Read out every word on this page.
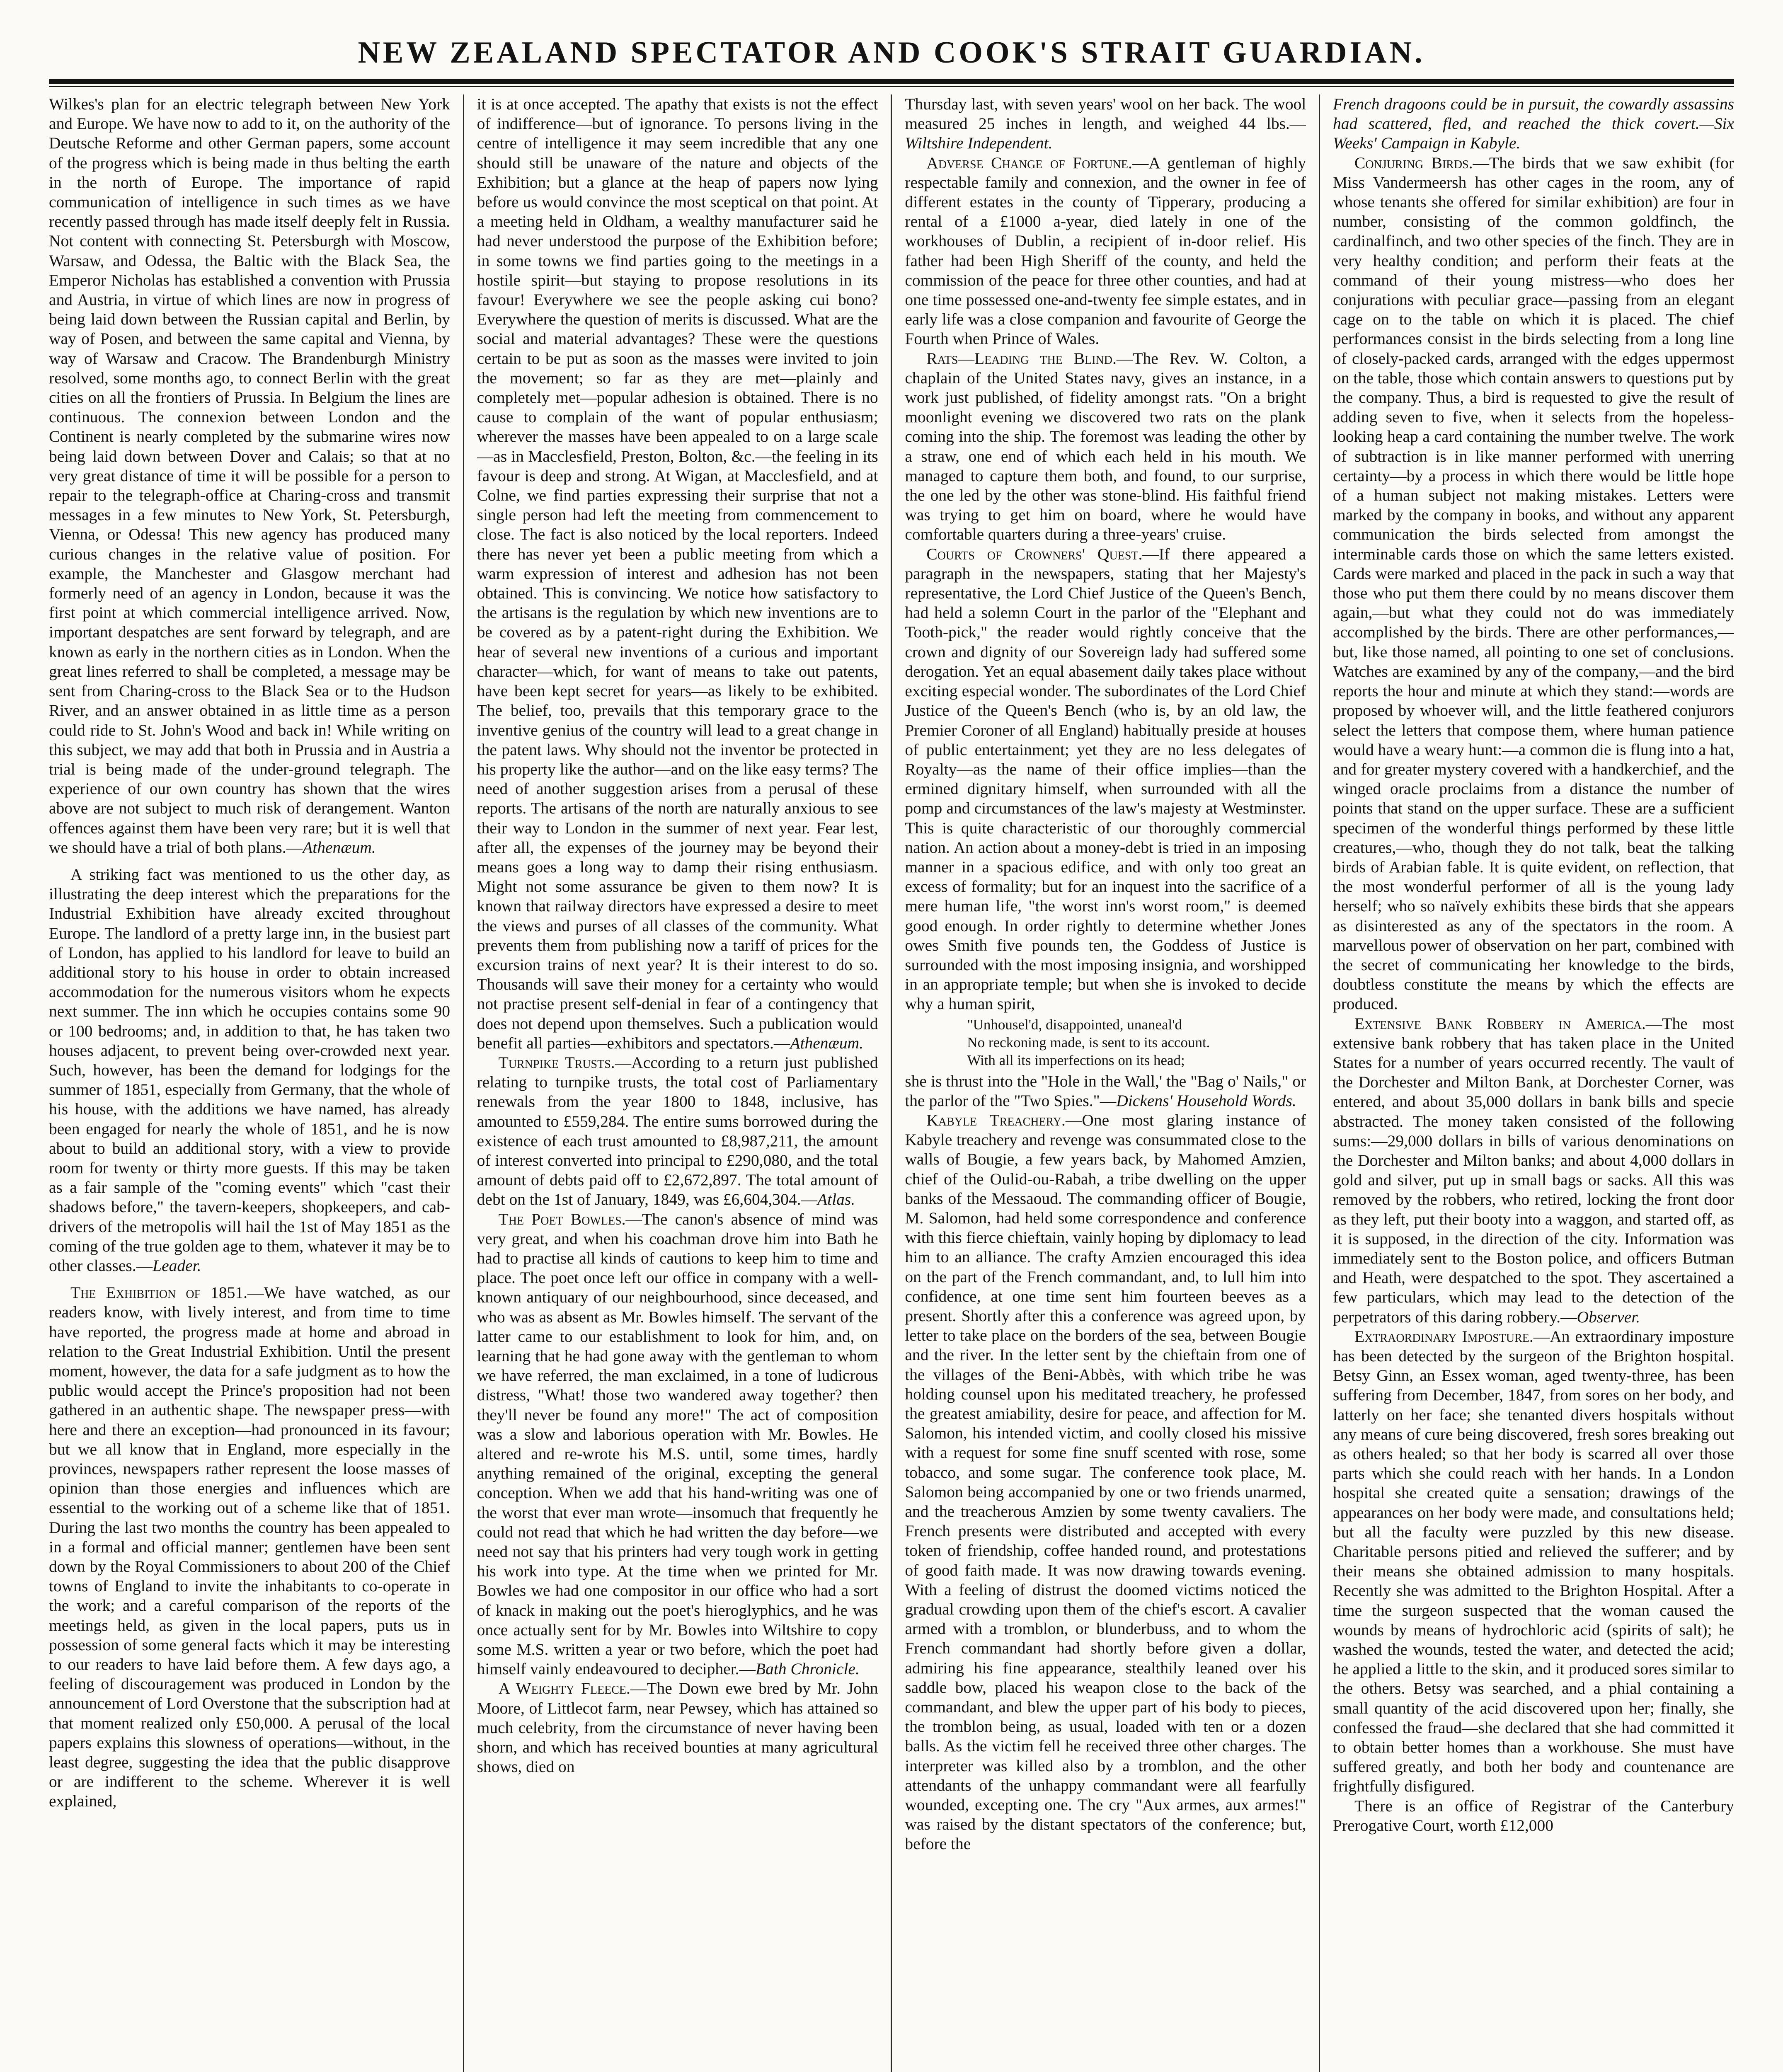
NEW ZEALAND SPECTATOR AND COOK'S STRAIT GUARDIAN.

Wilkes's plan for an electric telegraph between New York and Europe. We have now to add to it, on the authority of the Deutsche Reforme and other German papers, some account of the progress which is being made in thus belting the earth in the north of Europe. The importance of rapid communication of intelligence in such times as we have recently passed through has made itself deeply felt in Russia. Not content with connecting St. Petersburgh with Moscow, Warsaw, and Odessa, the Baltic with the Black Sea, the Emperor Nicholas has established a convention with Prussia and Austria, in virtue of which lines are now in progress of being laid down between the Russian capital and Berlin, by way of Posen, and between the same capital and Vienna, by way of Warsaw and Cracow. The Brandenburgh Ministry resolved, some months ago, to connect Berlin with the great cities on all the frontiers of Prussia. In Belgium the lines are continuous. The connexion between London and the Continent is nearly completed by the submarine wires now being laid down between Dover and Calais; so that at no very great distance of time it will be possible for a person to repair to the telegraph-office at Charing-cross and transmit messages in a few minutes to New York, St. Petersburgh, Vienna, or Odessa! This new agency has produced many curious changes in the relative value of position. For example, the Manchester and Glasgow merchant had formerly need of an agency in London, because it was the first point at which commercial intelligence arrived. Now, important despatches are sent forward by telegraph, and are known as early in the northern cities as in London. When the great lines referred to shall be completed, a message may be sent from Charing-cross to the Black Sea or to the Hudson River, and an answer obtained in as little time as a person could ride to St. John's Wood and back in! While writing on this subject, we may add that both in Prussia and in Austria a trial is being made of the under-ground telegraph. The experience of our own country has shown that the wires above are not subject to much risk of derangement. Wanton offences against them have been very rare; but it is well that we should have a trial of both plans.—Athenæum.

A striking fact was mentioned to us the other day, as illustrating the deep interest which the preparations for the Industrial Exhibition have already excited throughout Europe. The landlord of a pretty large inn, in the busiest part of London, has applied to his landlord for leave to build an additional story to his house in order to obtain increased accommodation for the numerous visitors whom he expects next summer. The inn which he occupies contains some 90 or 100 bedrooms; and, in addition to that, he has taken two houses adjacent, to prevent being over-crowded next year. Such, however, has been the demand for lodgings for the summer of 1851, especially from Germany, that the whole of his house, with the additions we have named, has already been engaged for nearly the whole of 1851, and he is now about to build an additional story, with a view to provide room for twenty or thirty more guests. If this may be taken as a fair sample of the "coming events" which "cast their shadows before," the tavern-keepers, shopkeepers, and cab-drivers of the metropolis will hail the 1st of May 1851 as the coming of the true golden age to them, whatever it may be to other classes.—Leader.

The Exhibition of 1851.—We have watched, as our readers know, with lively interest, and from time to time have reported, the progress made at home and abroad in relation to the Great Industrial Exhibition. Until the present moment, however, the data for a safe judgment as to how the public would accept the Prince's proposition had not been gathered in an authentic shape. The newspaper press—with here and there an exception—had pronounced in its favour; but we all know that in England, more especially in the provinces, newspapers rather represent the loose masses of opinion than those energies and influences which are essential to the working out of a scheme like that of 1851. During the last two months the country has been appealed to in a formal and official manner; gentlemen have been sent down by the Royal Commissioners to about 200 of the Chief towns of England to invite the inhabitants to co-operate in the work; and a careful comparison of the reports of the meetings held, as given in the local papers, puts us in possession of some general facts which it may be interesting to our readers to have laid before them. A few days ago, a feeling of discouragement was produced in London by the announcement of Lord Overstone that the subscription had at that moment realized only £50,000. A perusal of the local papers explains this slowness of operations—without, in the least degree, suggesting the idea that the public disapprove or are indifferent to the scheme. Wherever it is well explained,

it is at once accepted. The apathy that exists is not the effect of indifference—but of ignorance. To persons living in the centre of intelligence it may seem incredible that any one should still be unaware of the nature and objects of the Exhibition; but a glance at the heap of papers now lying before us would convince the most sceptical on that point. At a meeting held in Oldham, a wealthy manufacturer said he had never understood the purpose of the Exhibition before; in some towns we find parties going to the meetings in a hostile spirit—but staying to propose resolutions in its favour! Everywhere we see the people asking cui bono? Everywhere the question of merits is discussed. What are the social and material advantages? These were the questions certain to be put as soon as the masses were invited to join the movement; so far as they are met—plainly and completely met—popular adhesion is obtained. There is no cause to complain of the want of popular enthusiasm; wherever the masses have been appealed to on a large scale—as in Macclesfield, Preston, Bolton, &c.—the feeling in its favour is deep and strong. At Wigan, at Macclesfield, and at Colne, we find parties expressing their surprise that not a single person had left the meeting from commencement to close. The fact is also noticed by the local reporters. Indeed there has never yet been a public meeting from which a warm expression of interest and adhesion has not been obtained. This is convincing. We notice how satisfactory to the artisans is the regulation by which new inventions are to be covered as by a patent-right during the Exhibition. We hear of several new inventions of a curious and important character—which, for want of means to take out patents, have been kept secret for years—as likely to be exhibited. The belief, too, prevails that this temporary grace to the inventive genius of the country will lead to a great change in the patent laws. Why should not the inventor be protected in his property like the author—and on the like easy terms? The need of another suggestion arises from a perusal of these reports. The artisans of the north are naturally anxious to see their way to London in the summer of next year. Fear lest, after all, the expenses of the journey may be beyond their means goes a long way to damp their rising enthusiasm. Might not some assurance be given to them now? It is known that railway directors have expressed a desire to meet the views and purses of all classes of the community. What prevents them from publishing now a tariff of prices for the excursion trains of next year? It is their interest to do so. Thousands will save their money for a certainty who would not practise present self-denial in fear of a contingency that does not depend upon themselves. Such a publication would benefit all parties—exhibitors and spectators.—Athenæum.

Turnpike Trusts.—According to a return just published relating to turnpike trusts, the total cost of Parliamentary renewals from the year 1800 to 1848, inclusive, has amounted to £559,284. The entire sums borrowed during the existence of each trust amounted to £8,987,211, the amount of interest converted into principal to £290,080, and the total amount of debts paid off to £2,672,897. The total amount of debt on the 1st of January, 1849, was £6,604,304.—Atlas.

The Poet Bowles.—The canon's absence of mind was very great, and when his coachman drove him into Bath he had to practise all kinds of cautions to keep him to time and place. The poet once left our office in company with a well-known antiquary of our neighbourhood, since deceased, and who was as absent as Mr. Bowles himself. The servant of the latter came to our establishment to look for him, and, on learning that he had gone away with the gentleman to whom we have referred, the man exclaimed, in a tone of ludicrous distress, "What! those two wandered away together? then they'll never be found any more!" The act of composition was a slow and laborious operation with Mr. Bowles. He altered and re-wrote his M.S. until, some times, hardly anything remained of the original, excepting the general conception. When we add that his hand-writing was one of the worst that ever man wrote—insomuch that frequently he could not read that which he had written the day before—we need not say that his printers had very tough work in getting his work into type. At the time when we printed for Mr. Bowles we had one compositor in our office who had a sort of knack in making out the poet's hieroglyphics, and he was once actually sent for by Mr. Bowles into Wiltshire to copy some M.S. written a year or two before, which the poet had himself vainly endeavoured to decipher.—Bath Chronicle.

A Weighty Fleece.—The Down ewe bred by Mr. John Moore, of Littlecot farm, near Pewsey, which has attained so much celebrity, from the circumstance of never having been shorn, and which has received bounties at many agricultural shows, died on

Thursday last, with seven years' wool on her back. The wool measured 25 inches in length, and weighed 44 lbs.—Wiltshire Independent.

Adverse Change of Fortune.—A gentleman of highly respectable family and connexion, and the owner in fee of different estates in the county of Tipperary, producing a rental of a £1000 a-year, died lately in one of the workhouses of Dublin, a recipient of in-door relief. His father had been High Sheriff of the county, and held the commission of the peace for three other counties, and had at one time possessed one-and-twenty fee simple estates, and in early life was a close companion and favourite of George the Fourth when Prince of Wales.

Rats—Leading the Blind.—The Rev. W. Colton, a chaplain of the United States navy, gives an instance, in a work just published, of fidelity amongst rats. "On a bright moonlight evening we discovered two rats on the plank coming into the ship. The foremost was leading the other by a straw, one end of which each held in his mouth. We managed to capture them both, and found, to our surprise, the one led by the other was stone-blind. His faithful friend was trying to get him on board, where he would have comfortable quarters during a three-years' cruise.

Courts of Crowners' Quest.—If there appeared a paragraph in the newspapers, stating that her Majesty's representative, the Lord Chief Justice of the Queen's Bench, had held a solemn Court in the parlor of the "Elephant and Tooth-pick," the reader would rightly conceive that the crown and dignity of our Sovereign lady had suffered some derogation. Yet an equal abasement daily takes place without exciting especial wonder. The subordinates of the Lord Chief Justice of the Queen's Bench (who is, by an old law, the Premier Coroner of all England) habitually preside at houses of public entertainment; yet they are no less delegates of Royalty—as the name of their office implies—than the ermined dignitary himself, when surrounded with all the pomp and circumstances of the law's majesty at Westminster. This is quite characteristic of our thoroughly commercial nation. An action about a money-debt is tried in an imposing manner in a spacious edifice, and with only too great an excess of formality; but for an inquest into the sacrifice of a mere human life, "the worst inn's worst room," is deemed good enough. In order rightly to determine whether Jones owes Smith five pounds ten, the Goddess of Justice is surrounded with the most imposing insignia, and worshipped in an appropriate temple; but when she is invoked to decide why a human spirit,

"Unhousel'd, disappointed, unaneal'd
No reckoning made, is sent to its account.
With all its imperfections on its head;

she is thrust into the "Hole in the Wall,' the "Bag o' Nails," or the parlor of the "Two Spies."—Dickens' Household Words.

Kabyle Treachery.—One most glaring instance of Kabyle treachery and revenge was consummated close to the walls of Bougie, a few years back, by Mahomed Amzien, chief of the Oulid-ou-Rabah, a tribe dwelling on the upper banks of the Messaoud. The commanding officer of Bougie, M. Salomon, had held some correspondence and conference with this fierce chieftain, vainly hoping by diplomacy to lead him to an alliance. The crafty Amzien encouraged this idea on the part of the French commandant, and, to lull him into confidence, at one time sent him fourteen beeves as a present. Shortly after this a conference was agreed upon, by letter to take place on the borders of the sea, between Bougie and the river. In the letter sent by the chieftain from one of the villages of the Beni-Abbès, with which tribe he was holding counsel upon his meditated treachery, he professed the greatest amiability, desire for peace, and affection for M. Salomon, his intended victim, and coolly closed his missive with a request for some fine snuff scented with rose, some tobacco, and some sugar. The conference took place, M. Salomon being accompanied by one or two friends unarmed, and the treacherous Amzien by some twenty cavaliers. The French presents were distributed and accepted with every token of friendship, coffee handed round, and protestations of good faith made. It was now drawing towards evening. With a feeling of distrust the doomed victims noticed the gradual crowding upon them of the chief's escort. A cavalier armed with a tromblon, or blunderbuss, and to whom the French commandant had shortly before given a dollar, admiring his fine appearance, stealthily leaned over his saddle bow, placed his weapon close to the back of the commandant, and blew the upper part of his body to pieces, the tromblon being, as usual, loaded with ten or a dozen balls. As the victim fell he received three other charges. The interpreter was killed also by a tromblon, and the other attendants of the unhappy commandant were all fearfully wounded, excepting one. The cry "Aux armes, aux armes!" was raised by the distant spectators of the conference; but, before the

French dragoons could be in pursuit, the cowardly assassins had scattered, fled, and reached the thick covert.—Six Weeks' Campaign in Kabyle.

Conjuring Birds.—The birds that we saw exhibit (for Miss Vandermeersh has other cages in the room, any of whose tenants she offered for similar exhibition) are four in number, consisting of the common goldfinch, the cardinalfinch, and two other species of the finch. They are in very healthy condition; and perform their feats at the command of their young mistress—who does her conjurations with peculiar grace—passing from an elegant cage on to the table on which it is placed. The chief performances consist in the birds selecting from a long line of closely-packed cards, arranged with the edges uppermost on the table, those which contain answers to questions put by the company. Thus, a bird is requested to give the result of adding seven to five, when it selects from the hopeless-looking heap a card containing the number twelve. The work of subtraction is in like manner performed with unerring certainty—by a process in which there would be little hope of a human subject not making mistakes. Letters were marked by the company in books, and without any apparent communication the birds selected from amongst the interminable cards those on which the same letters existed. Cards were marked and placed in the pack in such a way that those who put them there could by no means discover them again,—but what they could not do was immediately accomplished by the birds. There are other performances,—but, like those named, all pointing to one set of conclusions. Watches are examined by any of the company,—and the bird reports the hour and minute at which they stand:—words are proposed by whoever will, and the little feathered conjurors select the letters that compose them, where human patience would have a weary hunt:—a common die is flung into a hat, and for greater mystery covered with a handkerchief, and the winged oracle proclaims from a distance the number of points that stand on the upper surface. These are a sufficient specimen of the wonderful things performed by these little creatures,—who, though they do not talk, beat the talking birds of Arabian fable. It is quite evident, on reflection, that the most wonderful performer of all is the young lady herself; who so naïvely exhibits these birds that she appears as disinterested as any of the spectators in the room. A marvellous power of observation on her part, combined with the secret of communicating her knowledge to the birds, doubtless constitute the means by which the effects are produced.

Extensive Bank Robbery in America.—The most extensive bank robbery that has taken place in the United States for a number of years occurred recently. The vault of the Dorchester and Milton Bank, at Dorchester Corner, was entered, and about 35,000 dollars in bank bills and specie abstracted. The money taken consisted of the following sums:—29,000 dollars in bills of various denominations on the Dorchester and Milton banks; and about 4,000 dollars in gold and silver, put up in small bags or sacks. All this was removed by the robbers, who retired, locking the front door as they left, put their booty into a waggon, and started off, as it is supposed, in the direction of the city. Information was immediately sent to the Boston police, and officers Butman and Heath, were despatched to the spot. They ascertained a few particulars, which may lead to the detection of the perpetrators of this daring robbery.—Observer.

Extraordinary Imposture.—An extraordinary imposture has been detected by the surgeon of the Brighton hospital. Betsy Ginn, an Essex woman, aged twenty-three, has been suffering from December, 1847, from sores on her body, and latterly on her face; she tenanted divers hospitals without any means of cure being discovered, fresh sores breaking out as others healed; so that her body is scarred all over those parts which she could reach with her hands. In a London hospital she created quite a sensation; drawings of the appearances on her body were made, and consultations held; but all the faculty were puzzled by this new disease. Charitable persons pitied and relieved the sufferer; and by their means she obtained admission to many hospitals. Recently she was admitted to the Brighton Hospital. After a time the surgeon suspected that the woman caused the wounds by means of hydrochloric acid (spirits of salt); he washed the wounds, tested the water, and detected the acid; he applied a little to the skin, and it produced sores similar to the others. Betsy was searched, and a phial containing a small quantity of the acid discovered upon her; finally, she confessed the fraud—she declared that she had committed it to obtain better homes than a workhouse. She must have suffered greatly, and both her body and countenance are frightfully disfigured.

There is an office of Registrar of the Canterbury Prerogative Court, worth £12,000
